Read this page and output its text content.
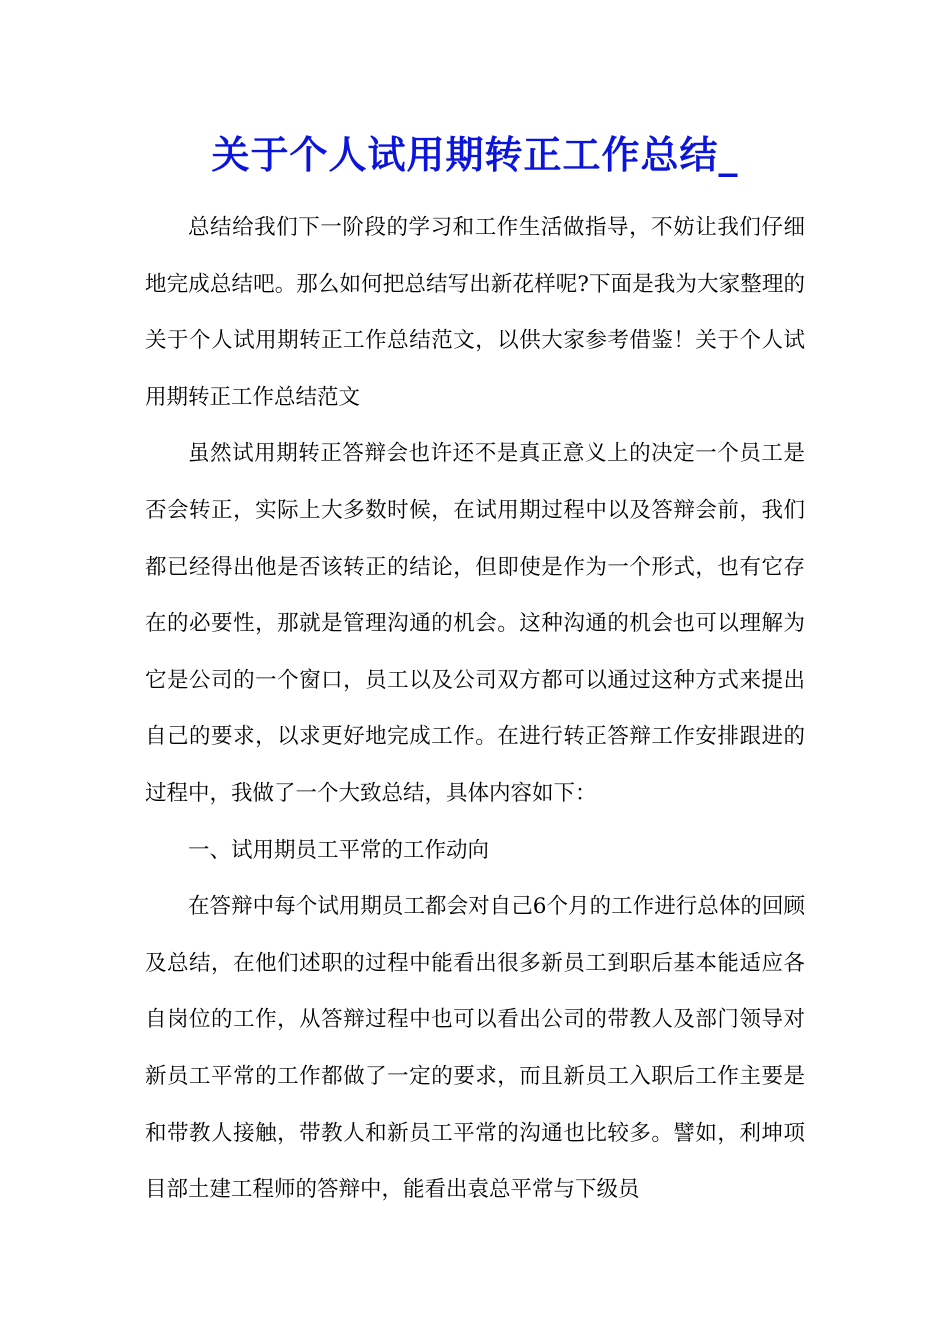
关于个人试用期转正工作总结_

总结给我们下一阶段的学习和工作生活做指导，不妨让我们仔细地完成总结吧。那么如何把总结写出新花样呢?下面是我为大家整理的关于个人试用期转正工作总结范文，以供大家参考借鉴！关于个人试用期转正工作总结范文

虽然试用期转正答辩会也许还不是真正意义上的决定一个员工是否会转正，实际上大多数时候，在试用期过程中以及答辩会前，我们都已经得出他是否该转正的结论，但即使是作为一个形式，也有它存在的必要性，那就是管理沟通的机会。这种沟通的机会也可以理解为它是公司的一个窗口，员工以及公司双方都可以通过这种方式来提出自己的要求，以求更好地完成工作。在进行转正答辩工作安排跟进的过程中，我做了一个大致总结，具体内容如下：

一、试用期员工平常的工作动向

在答辩中每个试用期员工都会对自己6个月的工作进行总体的回顾及总结，在他们述职的过程中能看出很多新员工到职后基本能适应各自岗位的工作，从答辩过程中也可以看出公司的带教人及部门领导对新员工平常的工作都做了一定的要求，而且新员工入职后工作主要是和带教人接触，带教人和新员工平常的沟通也比较多。譬如，利坤项目部土建工程师的答辩中，能看出袁总平常与下级员
